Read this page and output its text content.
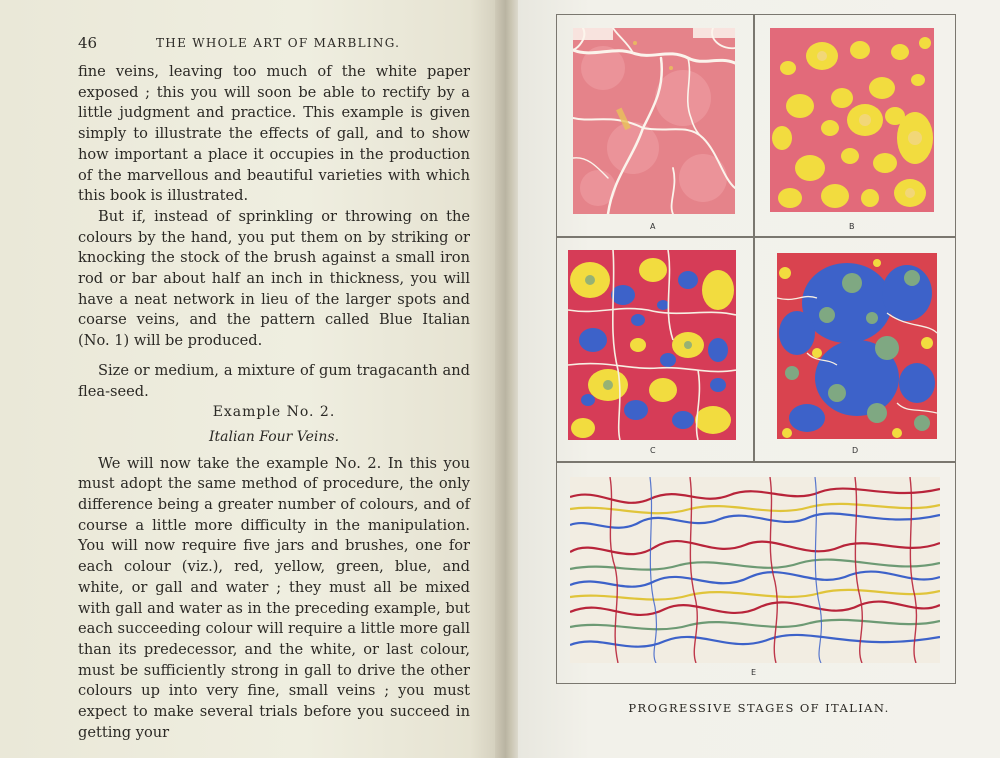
46	THE WHOLE ART OF MARBLING.

fine veins, leaving too much of the white paper exposed ; this you will soon be able to rectify by a little judgment and practice. This example is given simply to illustrate the effects of gall, and to show how important a place it occupies in the production of the marvellous and beautiful varieties with which this book is illustrated.

But if, instead of sprinkling or throwing on the colours by the hand, you put them on by striking or knocking the stock of the brush against a small iron rod or bar about half an inch in thickness, you will have a neat network in lieu of the larger spots and coarse veins, and the pattern called Blue Italian (No. 1) will be produced.

Size or medium, a mixture of gum tragacanth and flea-seed.

Example No. 2.

Italian Four Veins.

We will now take the example No. 2. In this you must adopt the same method of procedure, the only difference being a greater number of colours, and of course a little more difficulty in the manipulation. You will now require five jars and brushes, one for each colour (viz.), red, yellow, green, blue, and white, or gall and water ; they must all be mixed with gall and water as in the preceding example, but each succeeding colour will require a little more gall than its predecessor, and the white, or last colour, must be sufficiently strong in gall to drive the other colours up into very fine, small veins ; you must expect to make several trials before you succeed in getting your

A	B
C	D
E
PROGRESSIVE STAGES OF ITALIAN.
